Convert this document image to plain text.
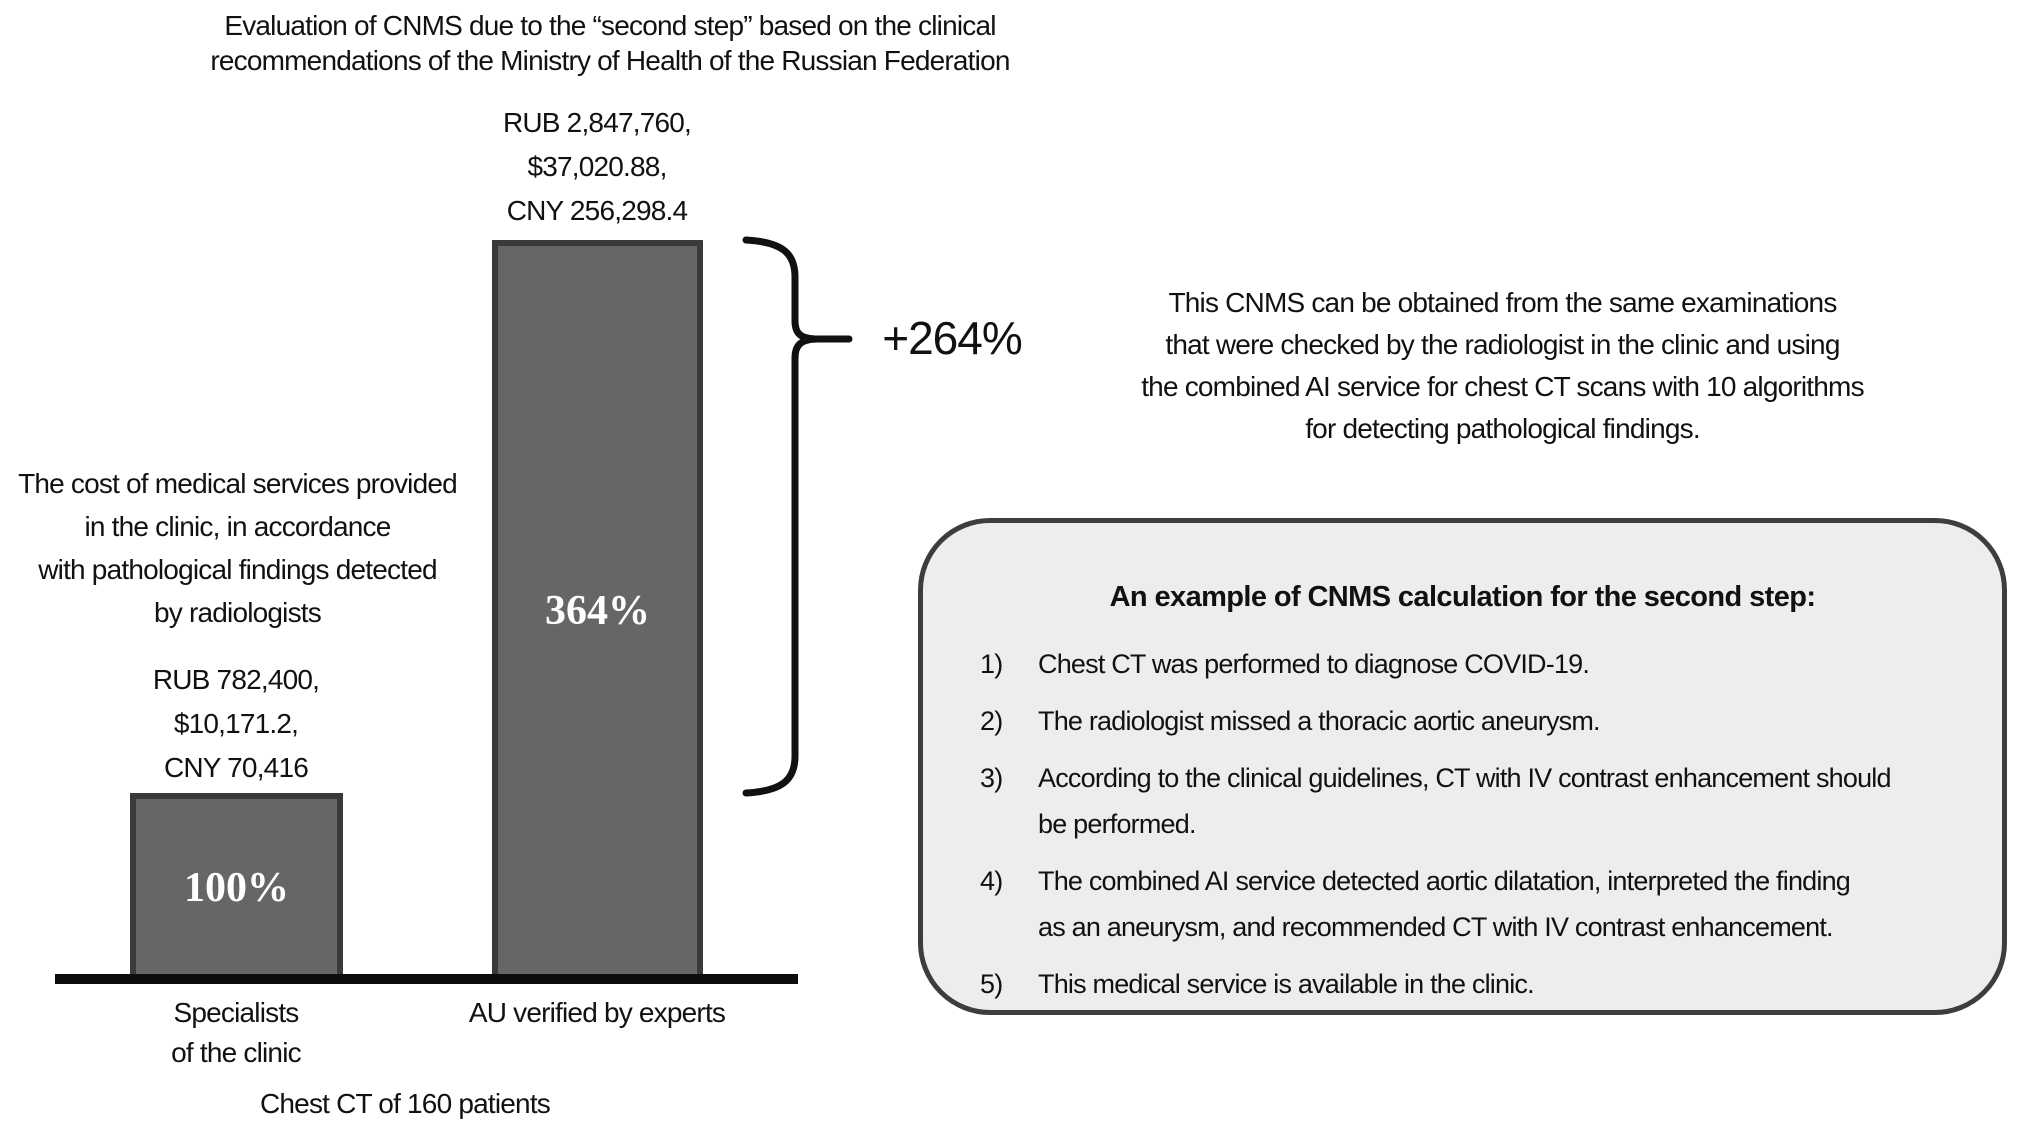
Evaluation of CNMS due to the “second step” based on the clinical
recommendations of the Ministry of Health of the Russian Federation
RUB 2,847,760,
$37,020.88,
CNY 256,298.4
RUB 782,400,
$10,171.2,
CNY 70,416
The cost of medical services provided
in the clinic, in accordance
with pathological findings detected
by radiologists	364%
100%
Specialists
of the clinic
AU verified by experts
Chest CT of 160 patients
+264%
This CNMS can be obtained from the same examinations
that were checked by the radiologist in the clinic and using
the combined AI service for chest CT scans with 10 algorithms
for detecting pathological findings.
An example of CNMS calculation for the second step:
1)	Chest CT was performed to diagnose COVID-19.
2)	The radiologist missed a thoracic aortic aneurysm.
3)	According to the clinical guidelines, CT with IV contrast enhancement should
be performed.
4)	The combined AI service detected aortic dilatation, interpreted the finding
as an aneurysm, and recommended CT with IV contrast enhancement.
5)	This medical service is available in the clinic.
